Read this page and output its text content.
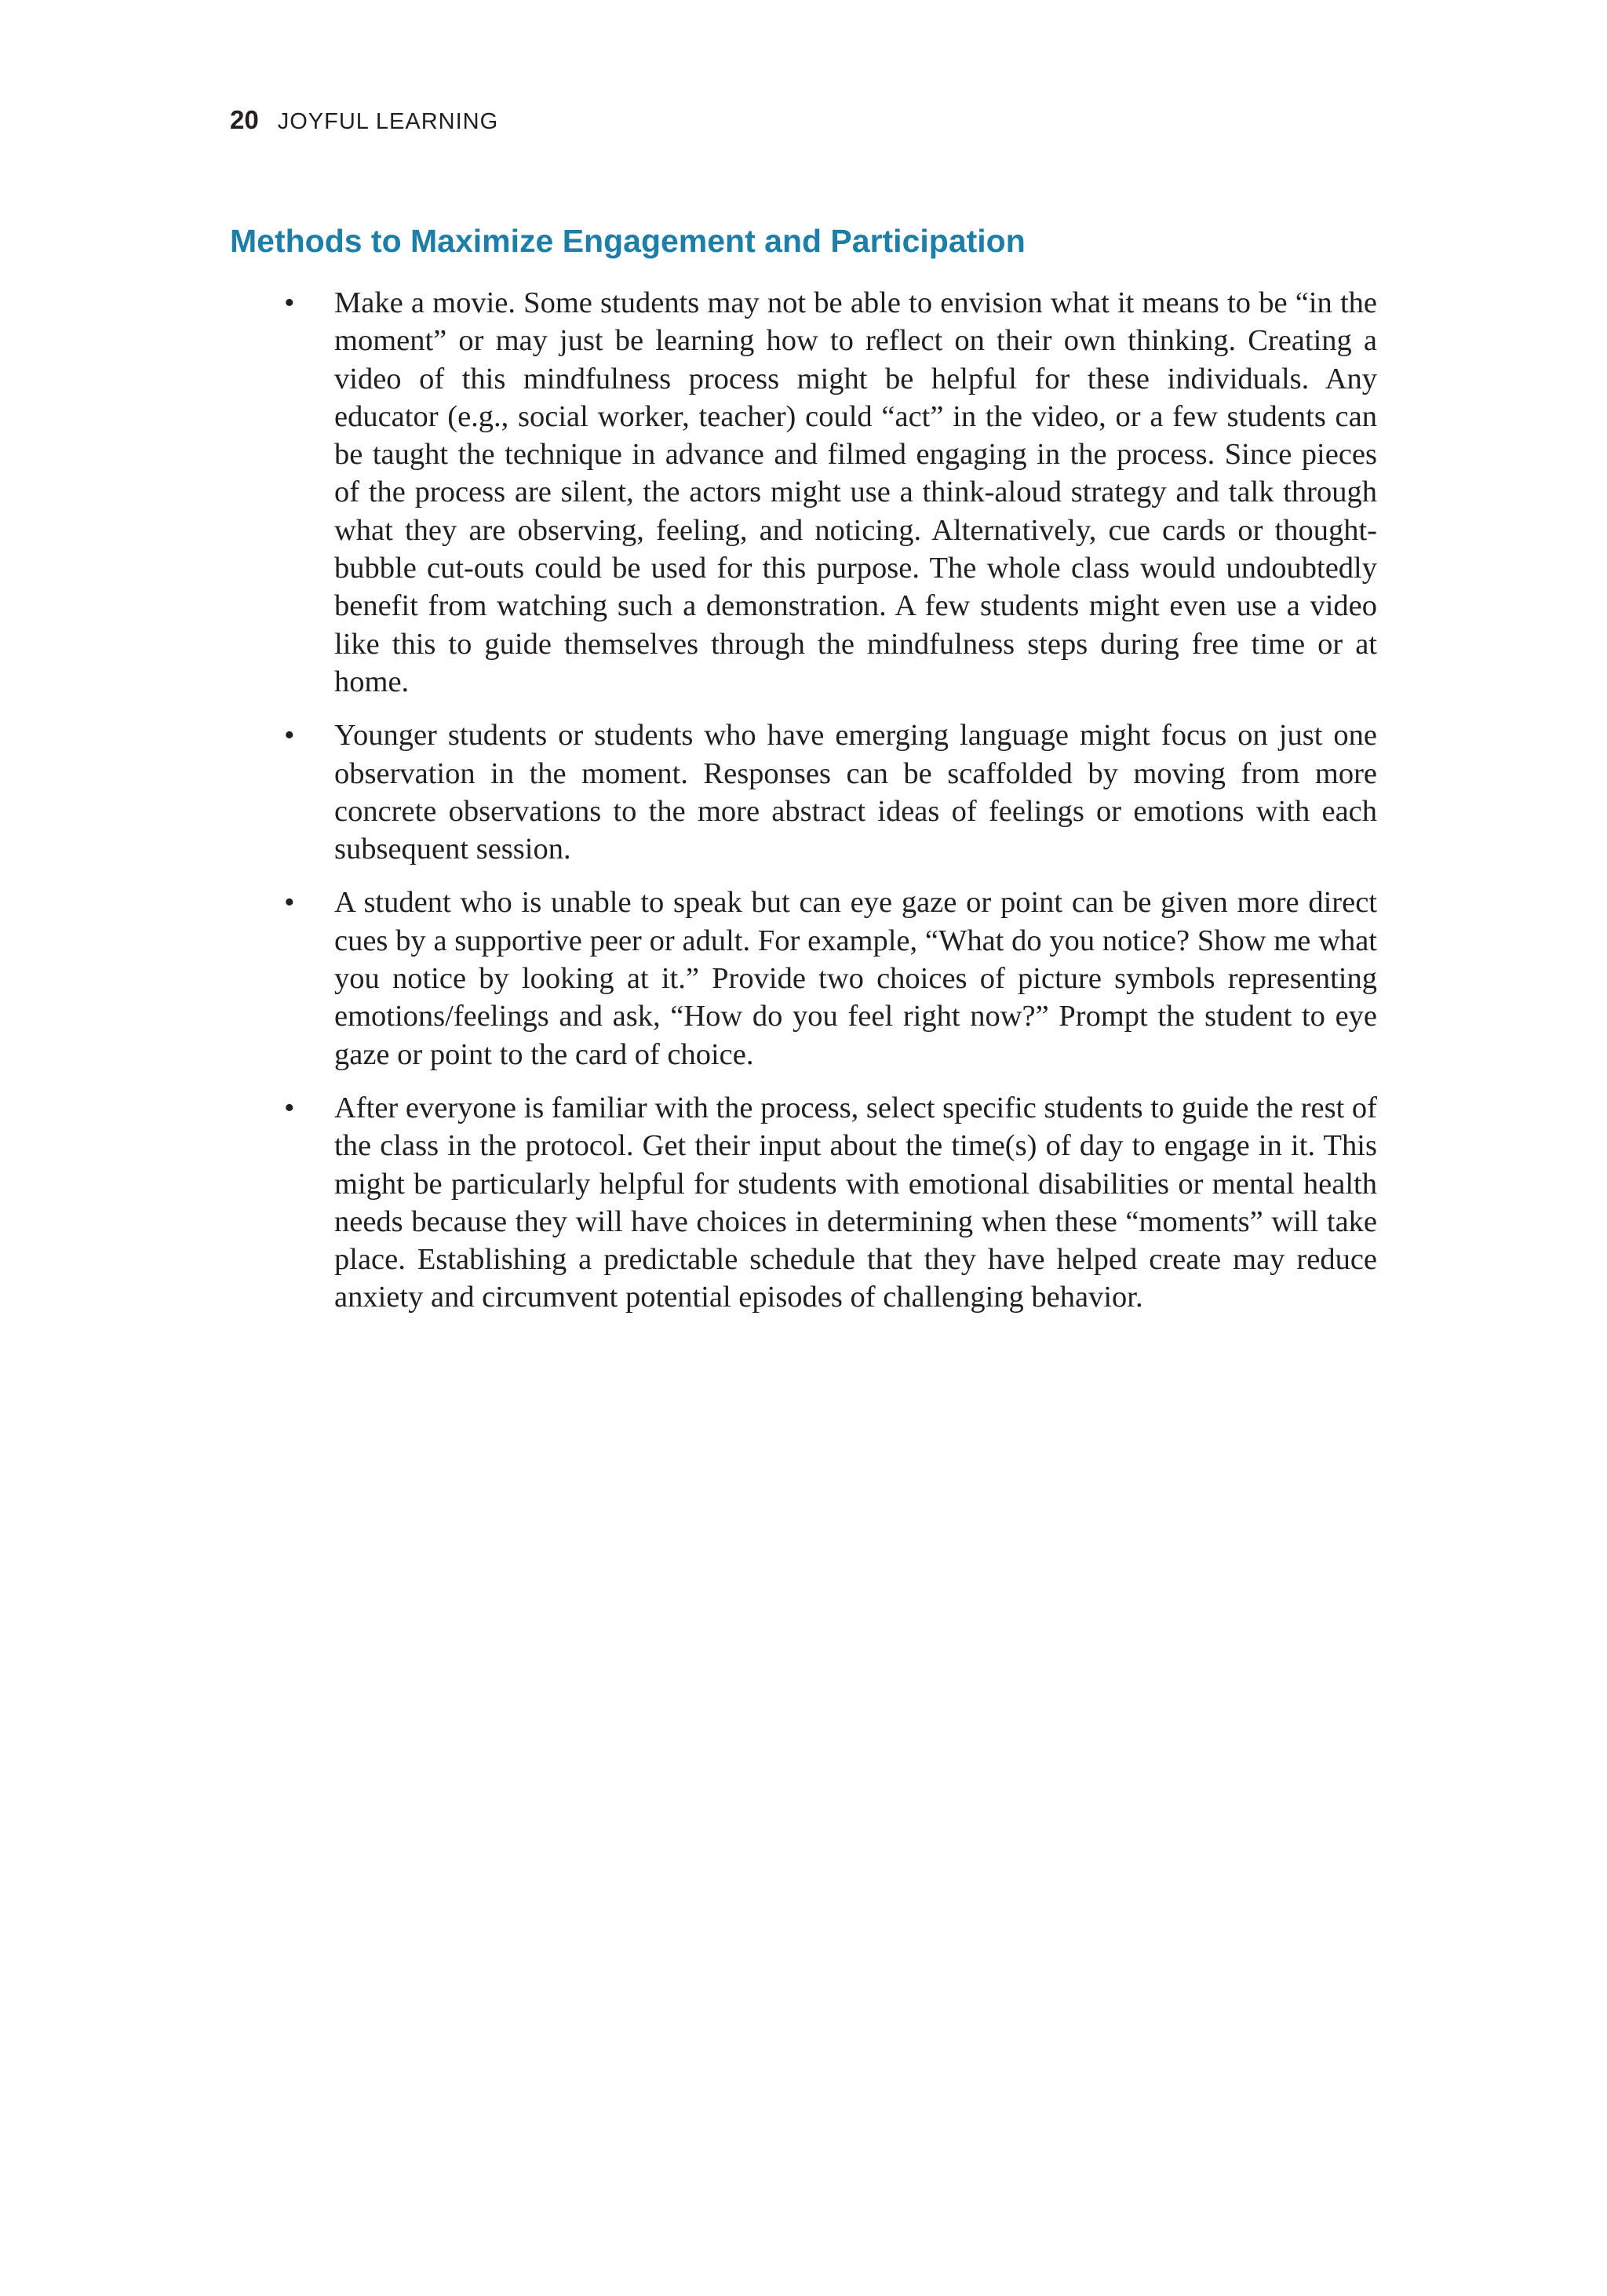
20 JOYFUL LEARNING
Methods to Maximize Engagement and Participation
•	Make a movie. Some students may not be able to envision what it means to be “in the moment” or may just be learning how to reflect on their own thinking. Creating a video of this mindfulness process might be helpful for these individuals. Any educator (e.g., social worker, teacher) could “act” in the video, or a few students can be taught the technique in advance and filmed engaging in the process. Since pieces of the process are silent, the actors might use a think-aloud strategy and talk through what they are observing, feeling, and noticing. Alternatively, cue cards or thought-bubble cut-outs could be used for this purpose. The whole class would undoubtedly benefit from watching such a demonstration. A few students might even use a video like this to guide themselves through the mindfulness steps during free time or at home.
•	Younger students or students who have emerging language might focus on just one observation in the moment. Responses can be scaffolded by moving from more concrete observations to the more abstract ideas of feelings or emotions with each subsequent session.
•	A student who is unable to speak but can eye gaze or point can be given more direct cues by a supportive peer or adult. For example, “What do you notice? Show me what you notice by looking at it.” Provide two choices of picture symbols representing emotions/feelings and ask, “How do you feel right now?” Prompt the student to eye gaze or point to the card of choice.
•	After everyone is familiar with the process, select specific students to guide the rest of the class in the protocol. Get their input about the time(s) of day to engage in it. This might be particularly helpful for students with emotional disabilities or mental health needs because they will have choices in determining when these “moments” will take place. Establishing a predictable schedule that they have helped create may reduce anxiety and circumvent potential episodes of challenging behavior.
